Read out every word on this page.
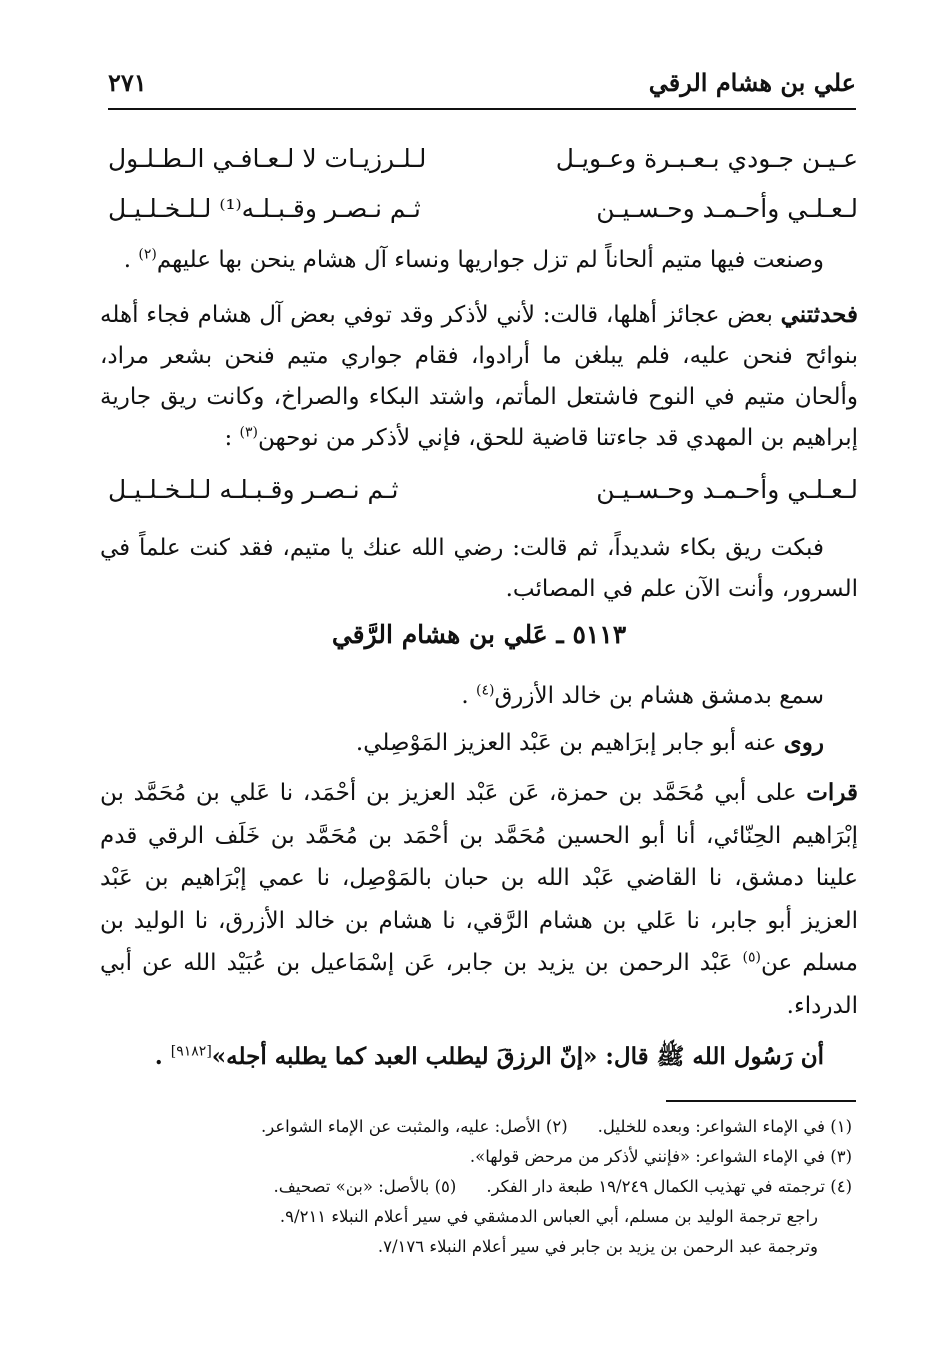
علي بن هشام الرقي
٢٧١
عـيـن جـودي بـعـبـرة وعـويـل
لـلـرزيـات لا لـعـافـي الـطـلـول
لـعـلـي وأحـمـد وحـسـيـن
ثـم نـصـر وقـبـلـه⁽¹⁾ لـلـخـلـيـل
وصنعت فيها متيم ألحاناً لم تزل جواريها ونساء آل هشام ينحن بها عليهم$^{(٢)}$ .
فحدثتني بعض عجائز أهلها، قالت: لأني لأذكر وقد توفي بعض آل هشام فجاء أهله بنوائح فنحن عليه، فلم يبلغن ما أرادوا، فقام جواري متيم فنحن بشعر مراد، وألحان متيم في النوح فاشتعل المأتم، واشتد البكاء والصراخ، وكانت ريق جارية إبراهيم بن المهدي قد جاءتنا قاضية للحق، فإني لأذكر من نوحهن$^{(٣)}$ :
لـعـلـي وأحـمـد وحـسـيـن
ثـم نـصـر وقـبـلـه لـلـخـلـيـل
فبكت ريق بكاء شديداً، ثم قالت: رضي الله عنك يا متيم، فقد كنت علماً في السرور، وأنت الآن علم في المصائب.
٥١١٣ ـ عَلي بن هشام الرَّقي
سمع بدمشق هشام بن خالد الأزرق$^{(٤)}$ .
روى عنه أبو جابر إبرَاهيم بن عَبْد العزيز المَوْصِلي.
قرات على أبي مُحَمَّد بن حمزة، عَن عَبْد العزيز بن أحْمَد، نا عَلي بن مُحَمَّد بن إبْرَاهيم الحِنّائي، أنا أبو الحسين مُحَمَّد بن أحْمَد بن مُحَمَّد بن خَلَف الرقي قدم علينا دمشق، نا القاضي عَبْد الله بن حبان بالمَوْصِل، نا عمي إبْرَاهيم بن عَبْد العزيز أبو جابر، نا عَلي بن هشام الرَّقي، نا هشام بن خالد الأزرق، نا الوليد بن مسلم عن$^{(٥)}$ عَبْد الرحمن بن يزيد بن جابر، عَن إسْمَاعيل بن عُبَيْد الله عن أبي الدرداء.
أن رَسُول الله ﷺ قال: «إنّ الرزقَ ليطلب العبد كما يطلبه أجله»[٩١٨٢] .
(١) في الإماء الشواعر: وبعده للخليل.
(٢) الأصل: عليه، والمثبت عن الإماء الشواعر.
(٣) في الإماء الشواعر: «فإنني لأذكر من مرحض قولها».
(٤) ترجمته في تهذيب الكمال ١٩/٢٤٩ طبعة دار الفكر.
(٥) بالأصل: «بن» تصحيف.
راجع ترجمة الوليد بن مسلم، أبي العباس الدمشقي في سير أعلام النبلاء ٩/٢١١.
وترجمة عبد الرحمن بن يزيد بن جابر في سير أعلام النبلاء ٧/١٧٦.
